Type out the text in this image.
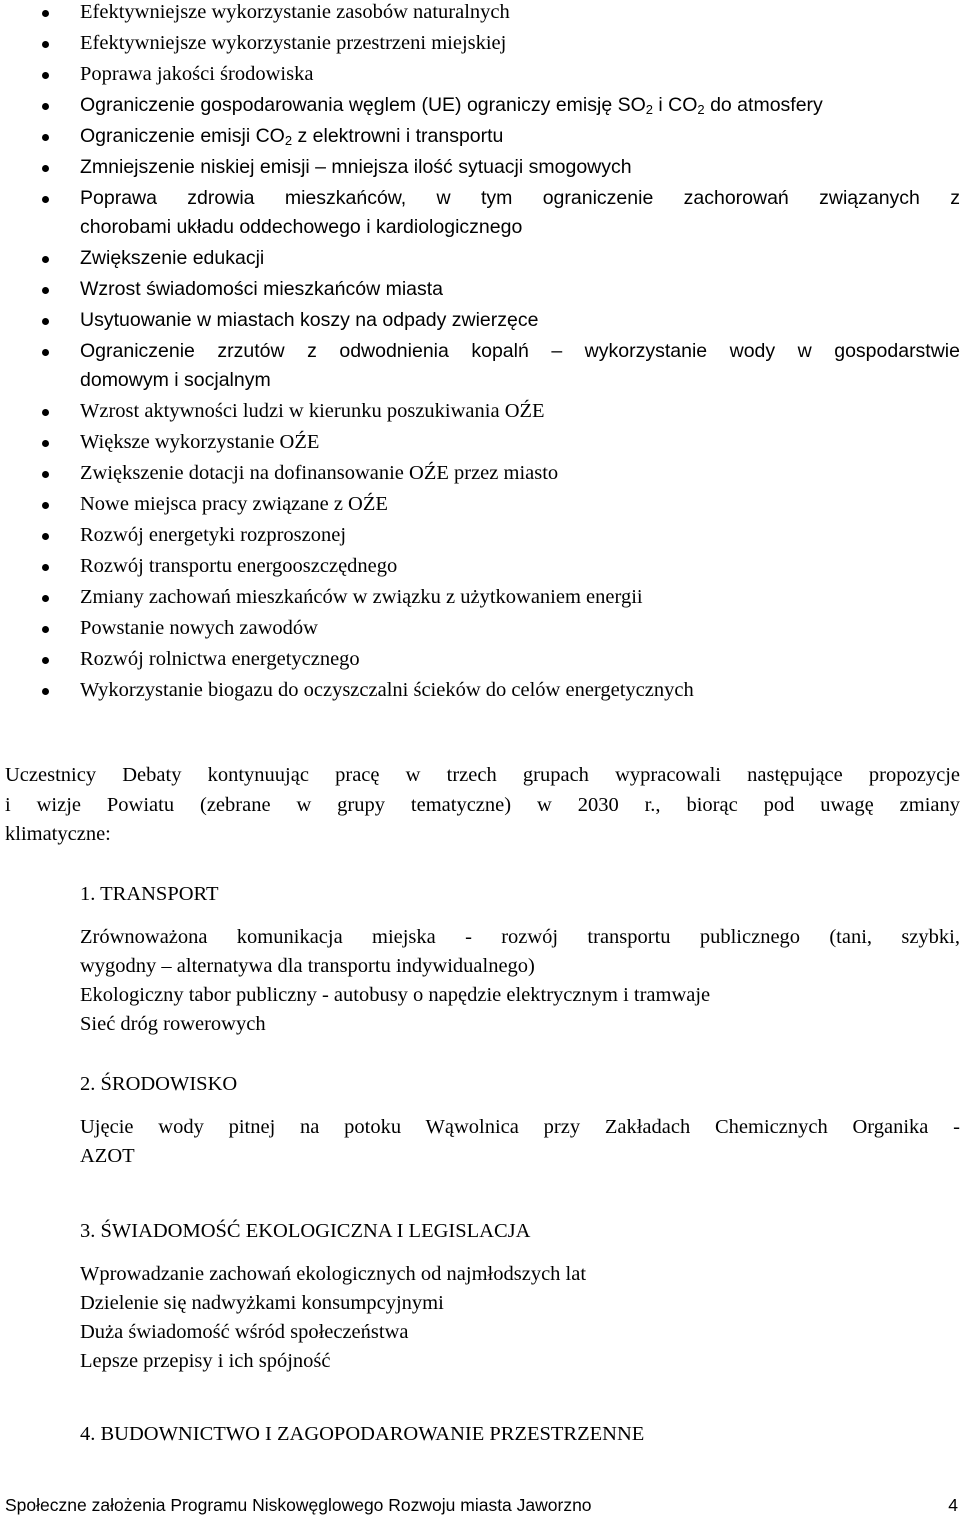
Efektywniejsze wykorzystanie zasobów naturalnych
Efektywniejsze wykorzystanie przestrzeni miejskiej
Poprawa jakości środowiska
Ograniczenie gospodarowania węglem (UE) ograniczy emisję $SO_2$ i $CO_2$ do atmosfery
Ograniczenie emisji $CO_2$ z elektrowni i transportu
Zmniejszenie niskiej emisji – mniejsza ilość sytuacji smogowych
Poprawa zdrowia mieszkańców, w tym ograniczenie zachorowań związanych z
chorobami układu oddechowego i kardiologicznego
Zwiększenie edukacji
Wzrost świadomości mieszkańców miasta
Usytuowanie w miastach koszy na odpady zwierzęce
Ograniczenie zrzutów z odwodnienia kopalń – wykorzystanie wody w gospodarstwie
domowym i socjalnym
Wzrost aktywności ludzi w kierunku poszukiwania OŹE
Większe wykorzystanie OŹE
Zwiększenie dotacji na dofinansowanie OŹE przez miasto
Nowe miejsca pracy związane z OŹE
Rozwój energetyki rozproszonej
Rozwój transportu energooszczędnego
Zmiany zachowań mieszkańców w związku z użytkowaniem energii
Powstanie nowych zawodów
Rozwój rolnictwa energetycznego
Wykorzystanie biogazu do oczyszczalni ścieków do celów energetycznych
Uczestnicy Debaty kontynuując pracę w trzech grupach wypracowali następujące propozycje
i wizje Powiatu (zebrane w grupy tematyczne) w 2030 r., biorąc pod uwagę zmiany
klimatyczne:
1. TRANSPORT
Zrównoważona komunikacja miejska - rozwój transportu publicznego (tani, szybki,
wygodny – alternatywa dla transportu indywidualnego)
Ekologiczny tabor publiczny - autobusy o napędzie elektrycznym i tramwaje
Sieć dróg rowerowych
2. ŚRODOWISKO
Ujęcie wody pitnej na potoku Wąwolnica przy Zakładach Chemicznych Organika -
AZOT
3. ŚWIADOMOŚĆ EKOLOGICZNA I LEGISLACJA
Wprowadzanie zachowań ekologicznych od najmłodszych lat
Dzielenie się nadwyżkami konsumpcyjnymi
Duża świadomość wśród społeczeństwa
Lepsze przepisy i ich spójność
4. BUDOWNICTWO I ZAGOPODAROWANIE PRZESTRZENNE
Społeczne założenia Programu Niskowęglowego Rozwoju miasta Jaworzno	4
